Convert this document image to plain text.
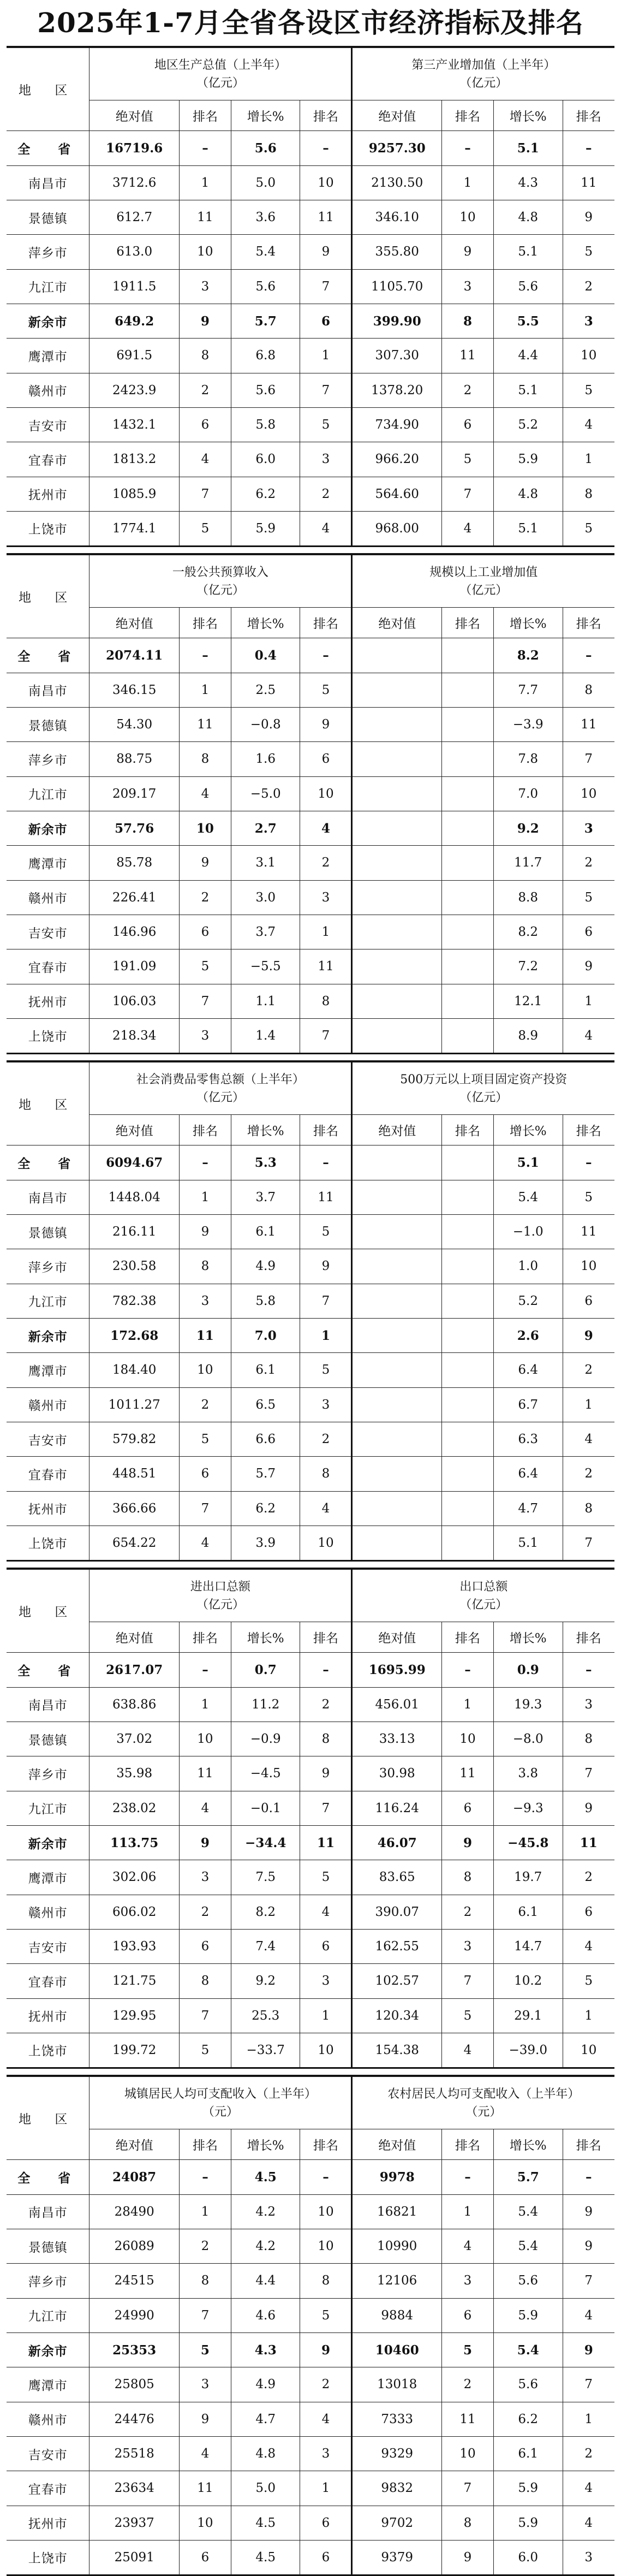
2025年1-7月全省各设区市经济指标及排名
地 区	地区生产总值（上半年）
（亿元）				第三产业增加值（上半年）
（亿元）			

	绝对值	排名	增长%	排名	绝对值	排名	增长%	排名
全　省	16719.6	–	5.6	–	9257.30	–	5.1	–
南昌市	3712.6	1	5.0	10	2130.50	1	4.3	11
景德镇	612.7	11	3.6	11	346.10	10	4.8	9
萍乡市	613.0	10	5.4	9	355.80	9	5.1	5
九江市	1911.5	3	5.6	7	1105.70	3	5.6	2
新余市	649.2	9	5.7	6	399.90	8	5.5	3
鹰潭市	691.5	8	6.8	1	307.30	11	4.4	10
赣州市	2423.9	2	5.6	7	1378.20	2	5.1	5
吉安市	1432.1	6	5.8	5	734.90	6	5.2	4
宜春市	1813.2	4	6.0	3	966.20	5	5.9	1
抚州市	1085.9	7	6.2	2	564.60	7	4.8	8
上饶市	1774.1	5	5.9	4	968.00	4	5.1	5
地 区	一般公共预算收入
（亿元）				规模以上工业增加值
（亿元）			

	绝对值	排名	增长%	排名	绝对值	排名	增长%	排名
全　省	2074.11	–	0.4	–			8.2	–
南昌市	346.15	1	2.5	5			7.7	8
景德镇	54.30	11	−0.8	9			−3.9	11
萍乡市	88.75	8	1.6	6			7.8	7
九江市	209.17	4	−5.0	10			7.0	10
新余市	57.76	10	2.7	4			9.2	3
鹰潭市	85.78	9	3.1	2			11.7	2
赣州市	226.41	2	3.0	3			8.8	5
吉安市	146.96	6	3.7	1			8.2	6
宜春市	191.09	5	−5.5	11			7.2	9
抚州市	106.03	7	1.1	8			12.1	1
上饶市	218.34	3	1.4	7			8.9	4
地 区	社会消费品零售总额（上半年）
（亿元）				500万元以上项目固定资产投资
（亿元）			

	绝对值	排名	增长%	排名	绝对值	排名	增长%	排名
全　省	6094.67	–	5.3	–			5.1	–
南昌市	1448.04	1	3.7	11			5.4	5
景德镇	216.11	9	6.1	5			−1.0	11
萍乡市	230.58	8	4.9	9			1.0	10
九江市	782.38	3	5.8	7			5.2	6
新余市	172.68	11	7.0	1			2.6	9
鹰潭市	184.40	10	6.1	5			6.4	2
赣州市	1011.27	2	6.5	3			6.7	1
吉安市	579.82	5	6.6	2			6.3	4
宜春市	448.51	6	5.7	8			6.4	2
抚州市	366.66	7	6.2	4			4.7	8
上饶市	654.22	4	3.9	10			5.1	7
地 区	进出口总额
（亿元）				出口总额
（亿元）			

	绝对值	排名	增长%	排名	绝对值	排名	增长%	排名
全　省	2617.07	–	0.7	–	1695.99	–	0.9	–
南昌市	638.86	1	11.2	2	456.01	1	19.3	3
景德镇	37.02	10	−0.9	8	33.13	10	−8.0	8
萍乡市	35.98	11	−4.5	9	30.98	11	3.8	7
九江市	238.02	4	−0.1	7	116.24	6	−9.3	9
新余市	113.75	9	−34.4	11	46.07	9	−45.8	11
鹰潭市	302.06	3	7.5	5	83.65	8	19.7	2
赣州市	606.02	2	8.2	4	390.07	2	6.1	6
吉安市	193.93	6	7.4	6	162.55	3	14.7	4
宜春市	121.75	8	9.2	3	102.57	7	10.2	5
抚州市	129.95	7	25.3	1	120.34	5	29.1	1
上饶市	199.72	5	−33.7	10	154.38	4	−39.0	10
地 区	城镇居民人均可支配收入（上半年）
（元）				农村居民人均可支配收入（上半年）
（元）			

	绝对值	排名	增长%	排名	绝对值	排名	增长%	排名
全　省	24087	–	4.5	–	9978	–	5.7	–
南昌市	28490	1	4.2	10	16821	1	5.4	9
景德镇	26089	2	4.2	10	10990	4	5.4	9
萍乡市	24515	8	4.4	8	12106	3	5.6	7
九江市	24990	7	4.6	5	9884	6	5.9	4
新余市	25353	5	4.3	9	10460	5	5.4	9
鹰潭市	25805	3	4.9	2	13018	2	5.6	7
赣州市	24476	9	4.7	4	7333	11	6.2	1
吉安市	25518	4	4.8	3	9329	10	6.1	2
宜春市	23634	11	5.0	1	9832	7	5.9	4
抚州市	23937	10	4.5	6	9702	8	5.9	4
上饶市	25091	6	4.5	6	9379	9	6.0	3
